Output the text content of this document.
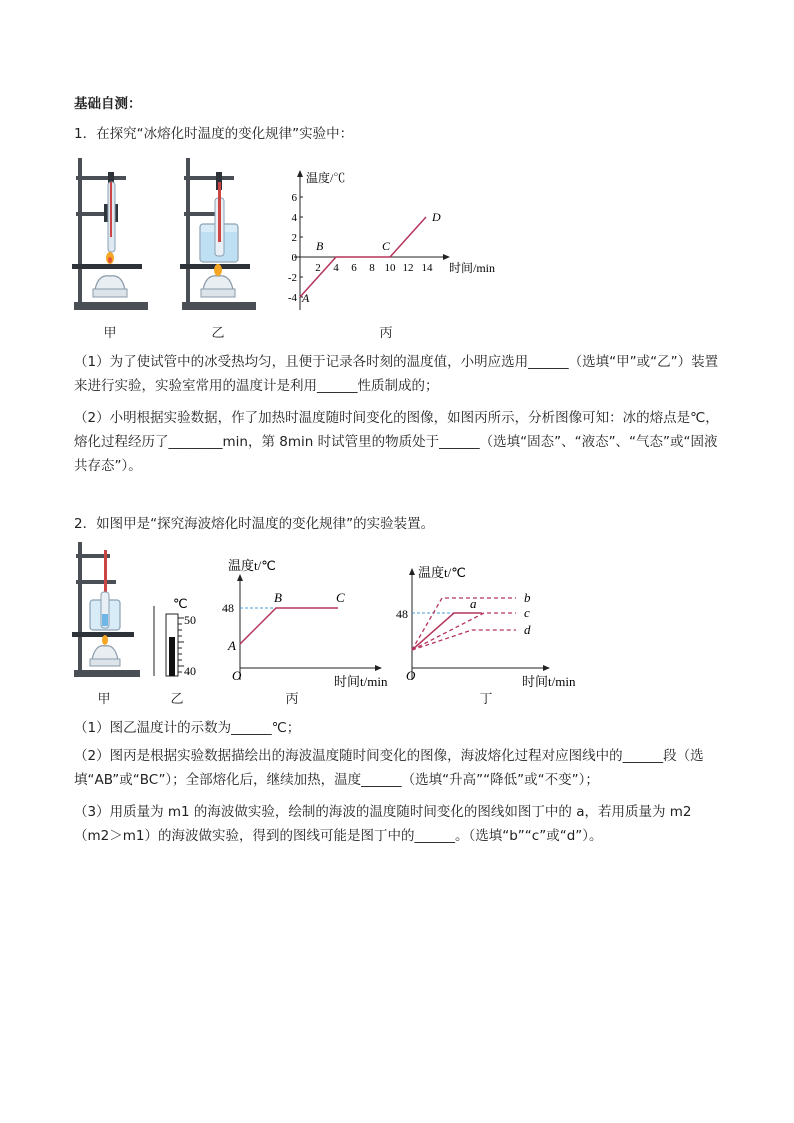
基础自测：
1．在探究“冰熔化时温度的变化规律”实验中：
甲	乙
温度/℃
时间/min
6
4
2
0
-2
-4
2 4 6 8 10 12 14
A
B	C
D
丙
（1）为了使试管中的冰受热均匀，且便于记录各时刻的温度值，小明应选用______（选填“甲”或“乙”）装置来进行实验，实验室常用的温度计是利用______性质制成的；
（2）小明根据实验数据，作了加热时温度随时间变化的图像，如图丙所示，分析图像可知：冰的熔点是℃，熔化过程经历了________min，第 8min 时试管里的物质处于______（选填“固态”、“液态”、“气态”或“固液共存态”）。
2．如图甲是“探究海波熔化时温度的变化规律”的实验装置。
甲
℃
50
40
乙
温度t/℃
时间t/min
48
O
A
B	C
丙
温度t/℃
时间t/min
48
O
a	b
c
d
丁
（1）图乙温度计的示数为______℃；
（2）图丙是根据实验数据描绘出的海波温度随时间变化的图像，海波熔化过程对应图线中的______段（选填“AB”或“BC”）；全部熔化后，继续加热，温度______（选填“升高”“降低”或“不变”）；
（3）用质量为 m1 的海波做实验，绘制的海波的温度随时间变化的图线如图丁中的 a，若用质量为 m2（m2＞m1）的海波做实验，得到的图线可能是图丁中的______。（选填“b”“c”或“d”）。
